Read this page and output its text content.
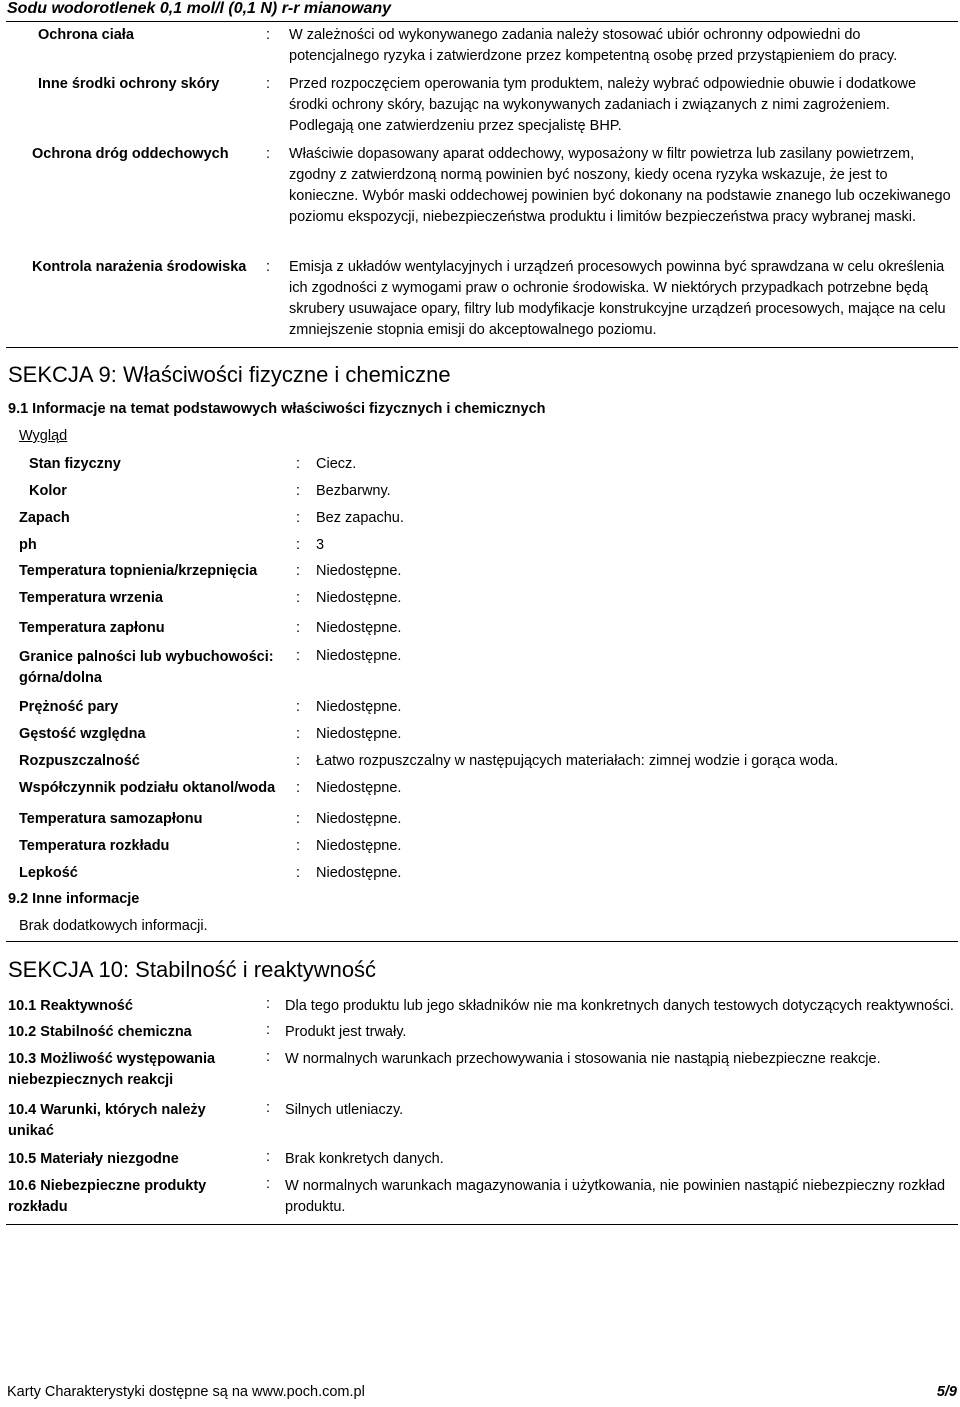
Sodu wodorotlenek 0,1 mol/l (0,1 N) r-r mianowany
Ochrona ciała	: W zależności od wykonywanego zadania należy stosować ubiór ochronny odpowiedni do potencjalnego ryzyka i zatwierdzone przez kompetentną osobę przed przystąpieniem do pracy.
Inne środki ochrony skóry	: Przed rozpoczęciem operowania tym produktem, należy wybrać odpowiednie obuwie i dodatkowe środki ochrony skóry, bazując na wykonywanych zadaniach i związanych z nimi zagrożeniem. Podlegają one zatwierdzeniu przez specjalistę BHP.
Ochrona dróg oddechowych	: Właściwie dopasowany aparat oddechowy, wyposażony w filtr powietrza lub zasilany powietrzem, zgodny z zatwierdzoną normą powinien być noszony, kiedy ocena ryzyka wskazuje, że jest to konieczne. Wybór maski oddechowej powinien być dokonany na podstawie znanego lub oczekiwanego poziomu ekspozycji, niebezpieczeństwa produktu i limitów bezpieczeństwa pracy wybranej maski.
Kontrola narażenia środowiska : Emisja z układów wentylacyjnych i urządzeń procesowych powinna być sprawdzana w celu określenia ich zgodności z wymogami praw o ochronie środowiska. W niektórych przypadkach potrzebne będą skrubery usuwajace opary, filtry lub modyfikacje konstrukcyjne urządzeń procesowych, mające na celu zmniejszenie stopnia emisji do akceptowalnego poziomu.
SEKCJA 9: Właściwości fizyczne i chemiczne
9.1 Informacje na temat podstawowych właściwości fizycznych i chemicznych
Wygląd
Stan fizyczny	: Ciecz.
Kolor	: Bezbarwny.
Zapach	: Bez zapachu.
ph	: 3
Temperatura topnienia/krzepnięcia	: Niedostępne.
Temperatura wrzenia	: Niedostępne.
Temperatura zapłonu	: Niedostępne.
Granice palności lub wybuchowości: górna/dolna
: Niedostępne.
Prężność pary	: Niedostępne.
Gęstość względna	: Niedostępne.
Rozpuszczalność	: Łatwo rozpuszczalny w następujących materiałach: zimnej wodzie i gorąca woda.
Współczynnik podziału oktanol/woda : Niedostępne.
Temperatura samozapłonu	: Niedostępne.
Temperatura rozkładu	: Niedostępne.
Lepkość	: Niedostępne.
9.2 Inne informacje
Brak dodatkowych informacji.
SEKCJA 10: Stabilność i reaktywność
10.1 Reaktywność	: Dla tego produktu lub jego składników nie ma konkretnych danych testowych dotyczących reaktywności.
10.2 Stabilność chemiczna	: Produkt jest trwały.
10.3 Możliwość występowania niebezpiecznych reakcji
: W normalnych warunkach przechowywania i stosowania nie nastąpią niebezpieczne reakcje.
10.4 Warunki, których należy unikać
: Silnych utleniaczy.
10.5 Materiały niezgodne	: Brak konkretych danych.
10.6 Niebezpieczne produkty rozkładu
: W normalnych warunkach magazynowania i użytkowania, nie powinien nastąpić niebezpieczny rozkład produktu.
Karty Charakterystyki dostępne są na www.poch.com.pl	5/9
